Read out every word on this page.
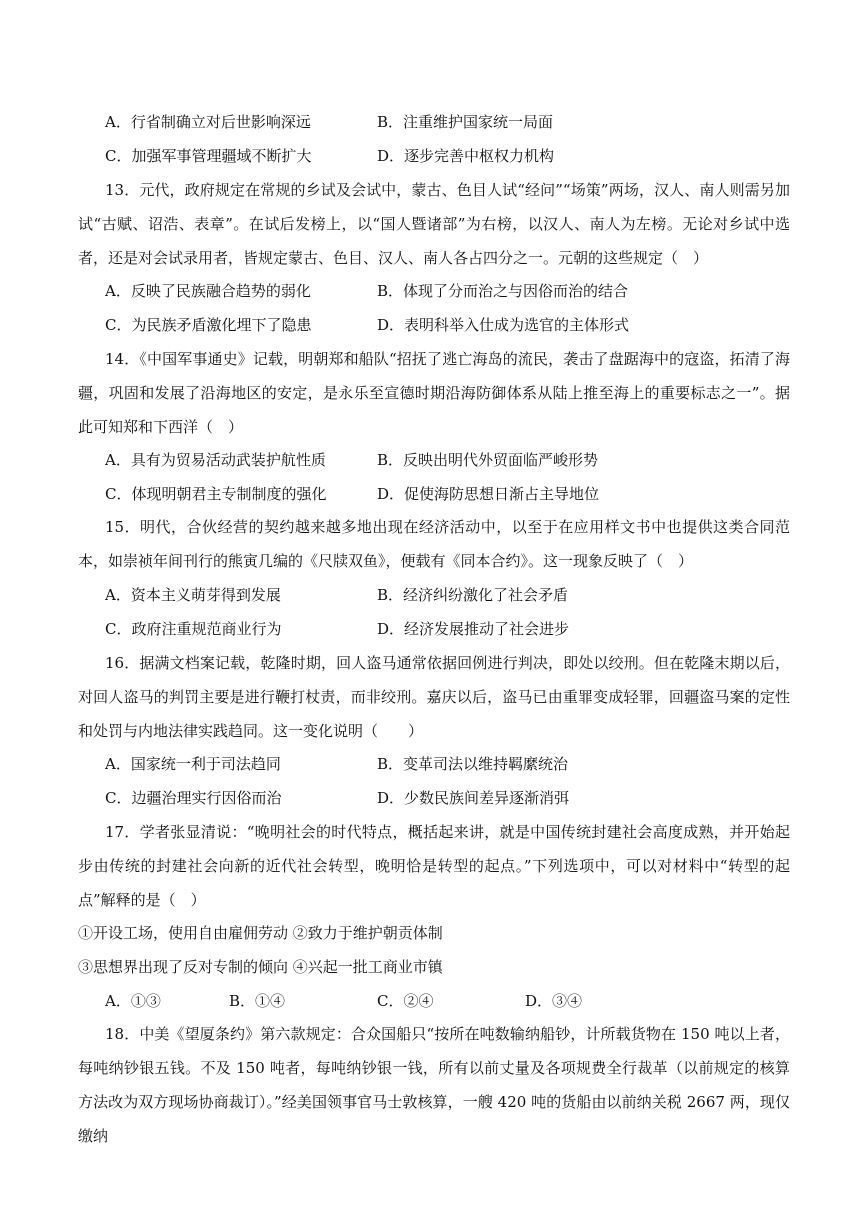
A．行省制确立对后世影响深远	B．注重维护国家统一局面
C．加强军事管理疆域不断扩大	D．逐步完善中枢权力机构
13．元代，政府规定在常规的乡试及会试中，蒙古、色目人试“经问”“场策”两场，汉人、南人则需另加试“古赋、诏浩、表章”。在试后发榜上，以“国人暨诸部”为右榜，以汉人、南人为左榜。无论对乡试中选者，还是对会试录用者，皆规定蒙古、色目、汉人、南人各占四分之一。元朝的这些规定（　）
A．反映了民族融合趋势的弱化	B．体现了分而治之与因俗而治的结合
C．为民族矛盾激化埋下了隐患	D．表明科举入仕成为选官的主体形式
14．《中国军事通史》记载，明朝郑和船队“招抚了逃亡海岛的流民，袭击了盘踞海中的寇盗，拓清了海疆，巩固和发展了沿海地区的安定，是永乐至宣德时期沿海防御体系从陆上推至海上的重要标志之一”。据此可知郑和下西洋（　）
A．具有为贸易活动武装护航性质	B．反映出明代外贸面临严峻形势
C．体现明朝君主专制制度的强化	D．促使海防思想日渐占主导地位
15．明代，合伙经营的契约越来越多地出现在经济活动中，以至于在应用样文书中也提供这类合同范本，如崇祯年间刊行的熊寅几编的《尺牍双鱼》，便载有《同本合约》。这一现象反映了（　）
A．资本主义萌芽得到发展	B．经济纠纷激化了社会矛盾
C．政府注重规范商业行为	D．经济发展推动了社会进步
16．据满文档案记载，乾隆时期，回人盗马通常依据回例进行判决，即处以绞刑。但在乾隆末期以后，对回人盗马的判罚主要是进行鞭打杖责，而非绞刑。嘉庆以后，盗马已由重罪变成轻罪，回疆盗马案的定性和处罚与内地法律实践趋同。这一变化说明（　　）
A．国家统一利于司法趋同	B．变革司法以维持羁縻统治
C．边疆治理实行因俗而治	D．少数民族间差异逐渐消弭
17．学者张显清说：“晚明社会的时代特点，概括起来讲，就是中国传统封建社会高度成熟，并开始起步由传统的封建社会向新的近代社会转型，晚明恰是转型的起点。”下列选项中，可以对材料中“转型的起点”解释的是（　）
①开设工场，使用自由雇佣劳动 ②致力于维护朝贡体制
③思想界出现了反对专制的倾向 ④兴起一批工商业市镇
A．①③	B．①④	C．②④	D．③④
18．中美《望厦条约》第六款规定：合众国船只“按所在吨数输纳船钞，计所载货物在 150 吨以上者，每吨纳钞银五钱。不及 150 吨者，每吨纳钞银一钱，所有以前丈量及各项规费全行裁革（以前规定的核算方法改为双方现场协商裁订）。”经美国领事官马士敦核算，一艘 420 吨的货船由以前纳关税 2667 两，现仅缴纳
